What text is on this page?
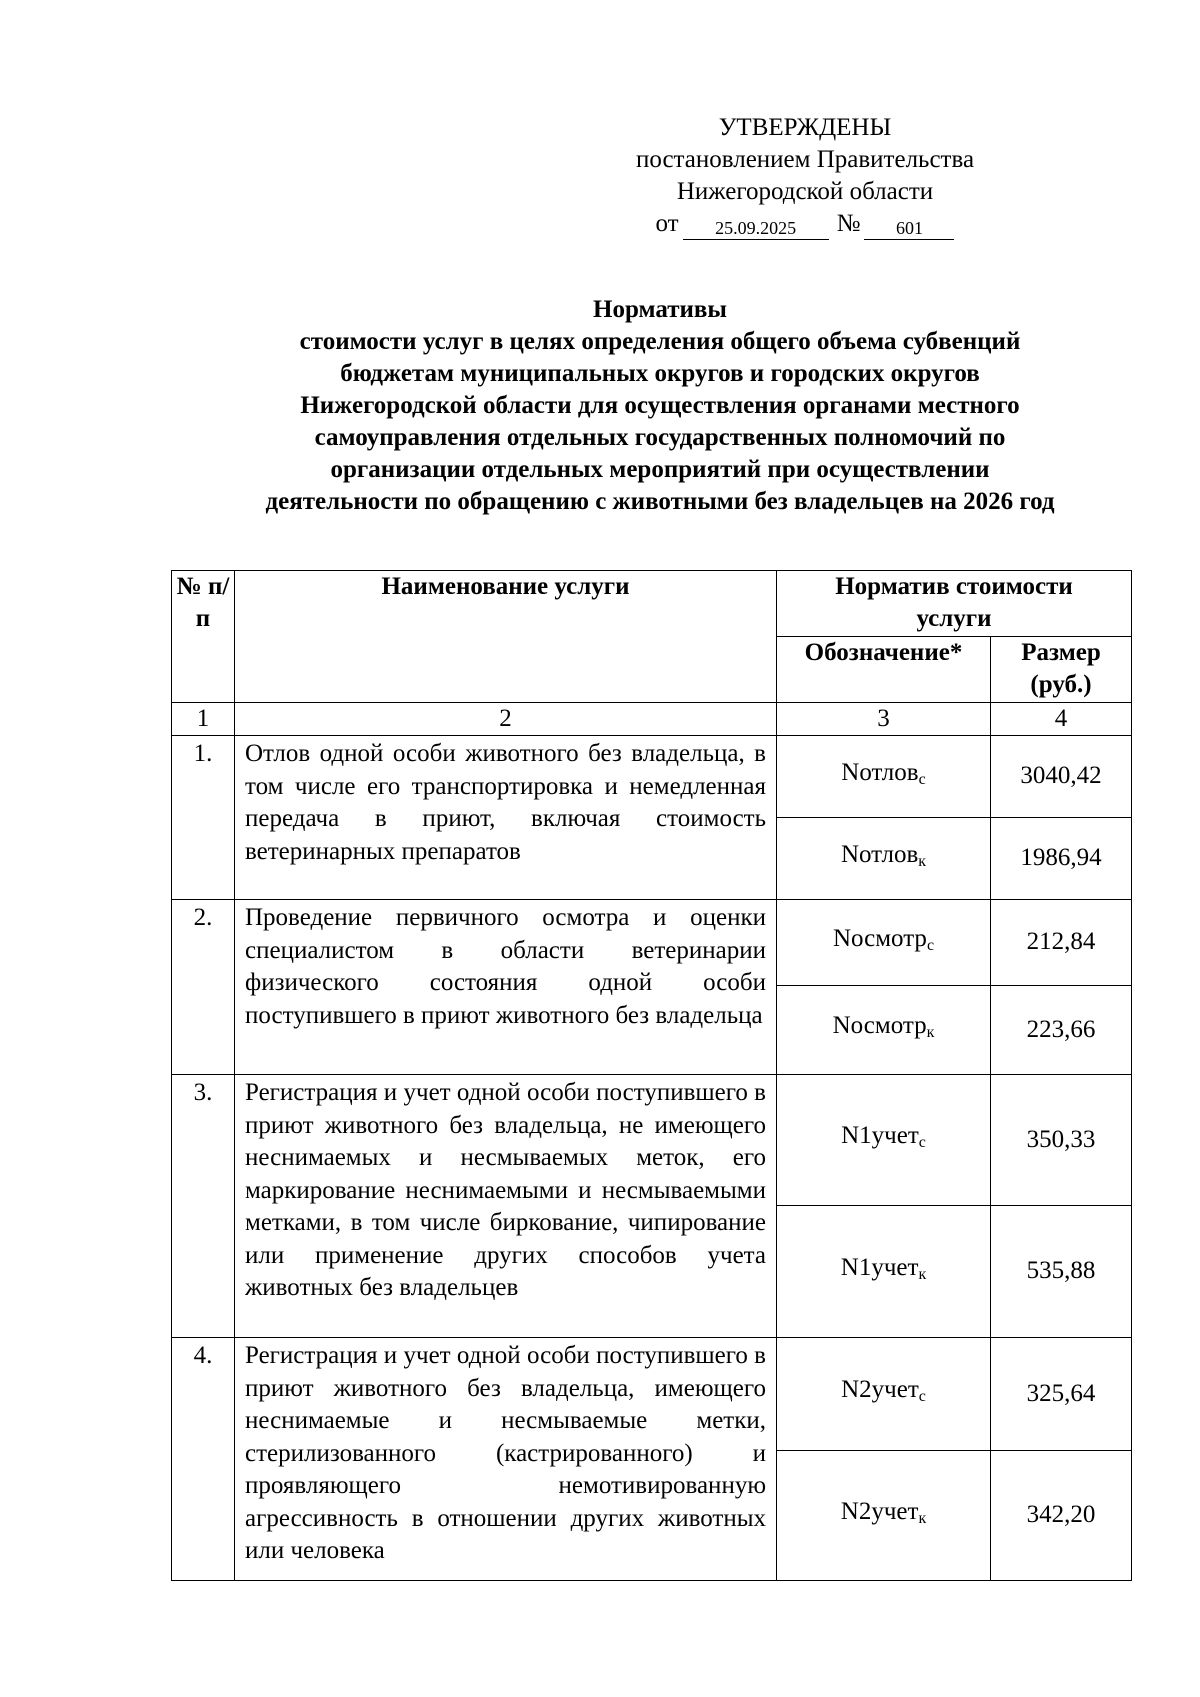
УТВЕРЖДЕНЫ
постановлением Правительства
Нижегородской области
от	25.09.2025	№	601
Нормативы
стоимости услуг в целях определения общего объема субвенций
бюджетам муниципальных округов и городских округов
Нижегородской области для осуществления органами местного
самоуправления отдельных государственных полномочий по
организации отдельных мероприятий при осуществлении
деятельности по обращению с животными без владельцев на 2026 год
№ п/п	Наименование услуги	Норматив стоимости услуги	
		Обозначение*	Размер (руб.)
1	2	3	4
1.	Отлов одной особи животного без владельца, в том числе его транспортировка и немедленная передача в приют, включая стоимость ветеринарных препаратов	Nотлов$_с$	3040,42
		Nотлов$_к$	1986,94
2.	Проведение первичного осмотра и оценки специалистом в области ветеринарии физического состояния одной особи поступившего в приют животного без владельца	Nосмотр$_с$	212,84
		Nосмотр$_к$	223,66
3.	Регистрация и учет одной особи поступившего в приют животного без владельца, не имеющего неснимаемых и несмываемых меток, его маркирование неснимаемыми и несмываемыми метками, в том числе биркование, чипирование или применение других способов учета животных без владельцев	N1учет$_с$	350,33
		N1учет$_к$	535,88
4.	Регистрация и учет одной особи поступившего в приют животного без владельца, имеющего неснимаемые и несмываемые метки, стерилизованного (кастрированного) и проявляющего немотивированную агрессивность в отношении других животных или человека	N2учет$_с$	325,64
		N2учет$_к$	342,20
